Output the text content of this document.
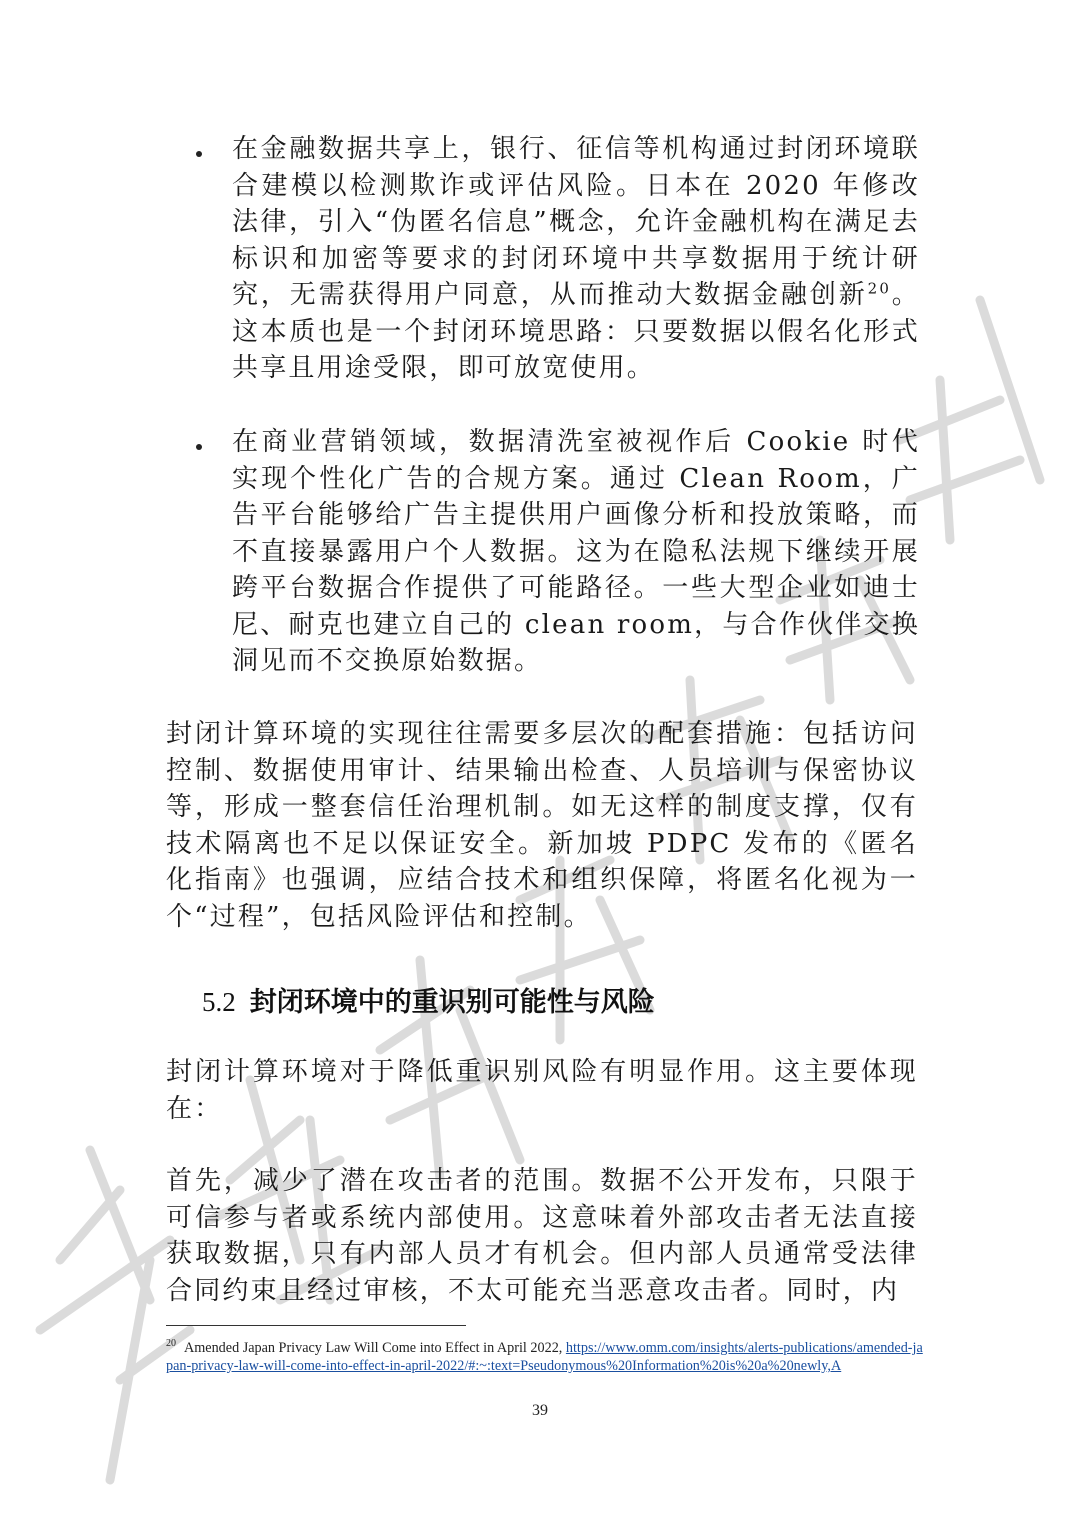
在金融数据共享上，银行、征信等机构通过封闭环境联合建模以检测欺诈或评估风险。日本在 2020 年修改法律，引入“伪匿名信息”概念，允许金融机构在满足去标识和加密等要求的封闭环境中共享数据用于统计研究，无需获得用户同意，从而推动大数据金融创新$^{20}$。这本质也是一个封闭环境思路：只要数据以假名化形式共享且用途受限，即可放宽使用。
在商业营销领域，数据清洗室被视作后 Cookie 时代实现个性化广告的合规方案。通过 Clean Room，广告平台能够给广告主提供用户画像分析和投放策略，而不直接暴露用户个人数据。这为在隐私法规下继续开展跨平台数据合作提供了可能路径。一些大型企业如迪士尼、耐克也建立自己的 clean room，与合作伙伴交换洞见而不交换原始数据。

封闭计算环境的实现往往需要多层次的配套措施：包括访问控制、数据使用审计、结果输出检查、人员培训与保密协议等，形成一整套信任治理机制。如无这样的制度支撑，仅有技术隔离也不足以保证安全。新加坡 PDPC 发布的《匿名化指南》也强调，应结合技术和组织保障，将匿名化视为一个“过程”，包括风险评估和控制。

5.2 封闭环境中的重识别可能性与风险

封闭计算环境对于降低重识别风险有明显作用。这主要体现在：

首先，减少了潜在攻击者的范围。数据不公开发布，只限于可信参与者或系统内部使用。这意味着外部攻击者无法直接获取数据，只有内部人员才有机会。但内部人员通常受法律合同约束且经过审核，不太可能充当恶意攻击者。同时，内

$^{20}$ Amended Japan Privacy Law Will Come into Effect in April 2022, https://www.omm.com/insights/alerts-publications/amended-japan-privacy-law-will-come-into-effect-in-april-2022/#:~:text=Pseudonymous%20Information%20is%20a%20newly,A
39
